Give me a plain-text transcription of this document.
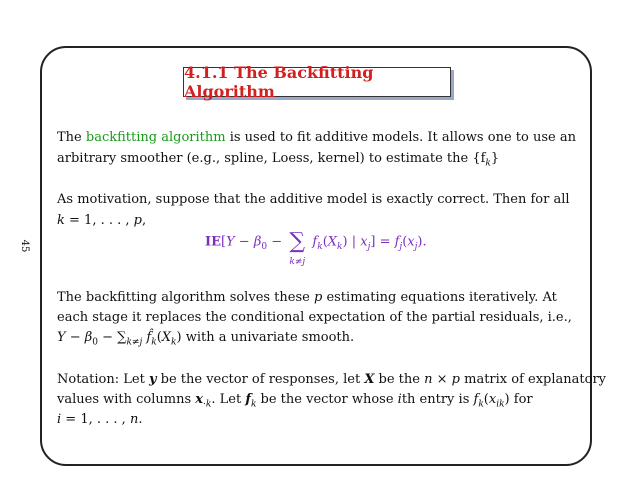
45
4.1.1 The Backfitting Algorithm
The backfitting algorithm is used to fit additive models. It allows one to use an
arbitrary smoother (e.g., spline, Loess, kernel) to estimate the $\{f_k\}$
As motivation, suppose that the additive model is exactly correct. Then for all
k = 1, . . . , p,
$IE[Y - \beta_0$ − ∑
k≠j
$f_k(X_k)$ | $x_j] = f_j(x_j)$.
The backfitting algorithm solves these p estimating equations iteratively. At
each stage it replaces the conditional expectation of the partial residuals, i.e.,
$Y - \beta_0 - \sum_{k\ne j}$ $f̂_k(X_k)$ with a univariate smooth.
Notation: Let y be the vector of responses, let X be the n × p matrix of explanatory
values with columns $x_{\cdot k}$. Let $f_k$ be the vector whose ith entry is $f_k(x_{ik})$ for
i = 1, . . . , n.
